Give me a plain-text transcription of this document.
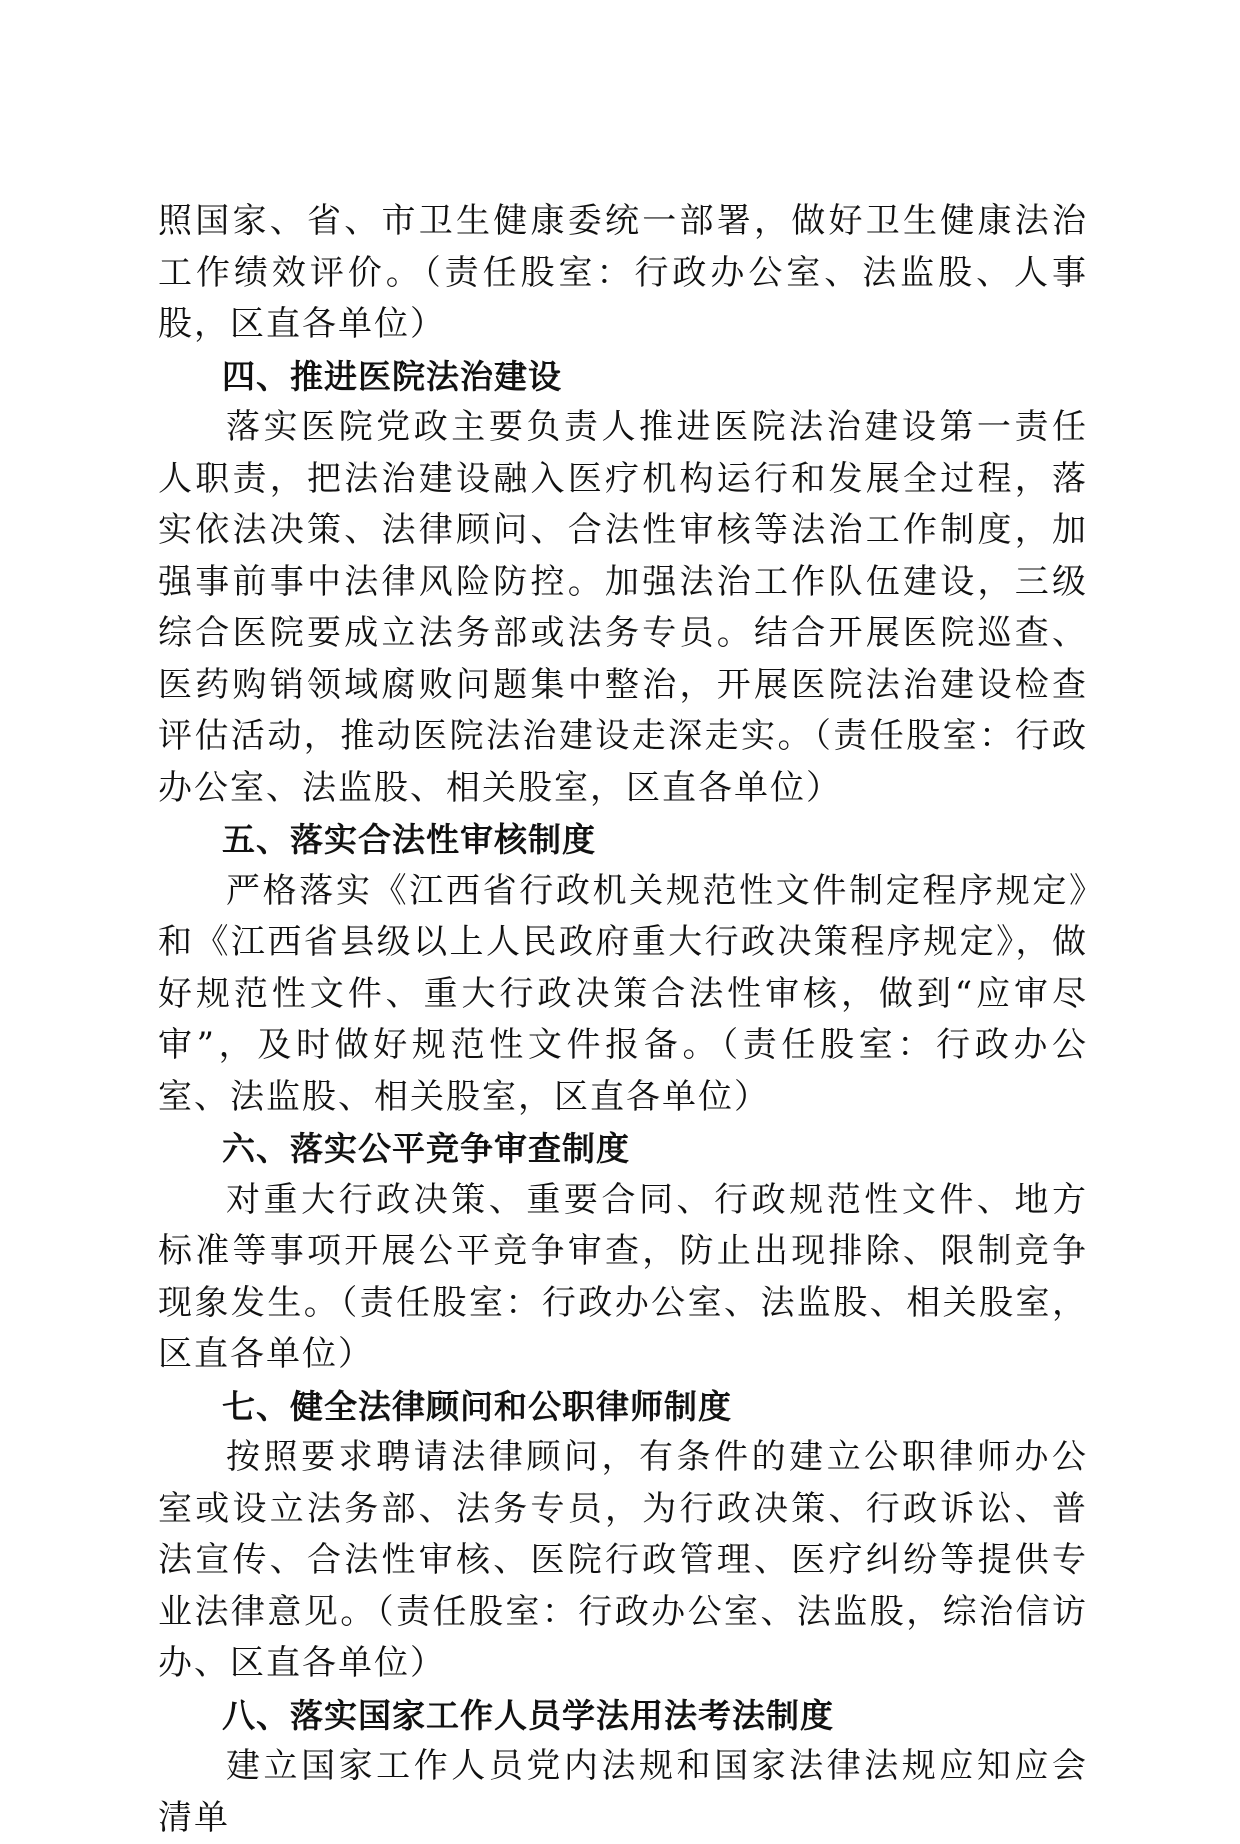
照国家、省、市卫生健康委统一部署，做好卫生健康法治工作绩效评价。（责任股室：行政办公室、法监股、人事股，区直各单位）

四、推进医院法治建设

落实医院党政主要负责人推进医院法治建设第一责任人职责，把法治建设融入医疗机构运行和发展全过程，落实依法决策、法律顾问、合法性审核等法治工作制度，加强事前事中法律风险防控。加强法治工作队伍建设，三级综合医院要成立法务部或法务专员。结合开展医院巡查、医药购销领域腐败问题集中整治，开展医院法治建设检查评估活动，推动医院法治建设走深走实。（责任股室：行政办公室、法监股、相关股室，区直各单位）

五、落实合法性审核制度

严格落实《江西省行政机关规范性文件制定程序规定》和《江西省县级以上人民政府重大行政决策程序规定》，做好规范性文件、重大行政决策合法性审核，做到“应审尽审”，及时做好规范性文件报备。（责任股室：行政办公室、法监股、相关股室，区直各单位）

六、落实公平竞争审查制度

对重大行政决策、重要合同、行政规范性文件、地方标准等事项开展公平竞争审查，防止出现排除、限制竞争现象发生。（责任股室：行政办公室、法监股、相关股室，区直各单位）

七、健全法律顾问和公职律师制度

按照要求聘请法律顾问，有条件的建立公职律师办公室或设立法务部、法务专员，为行政决策、行政诉讼、普法宣传、合法性审核、医院行政管理、医疗纠纷等提供专业法律意见。（责任股室：行政办公室、法监股，综治信访办、区直各单位）

八、落实国家工作人员学法用法考法制度

建立国家工作人员党内法规和国家法律法规应知应会清单
